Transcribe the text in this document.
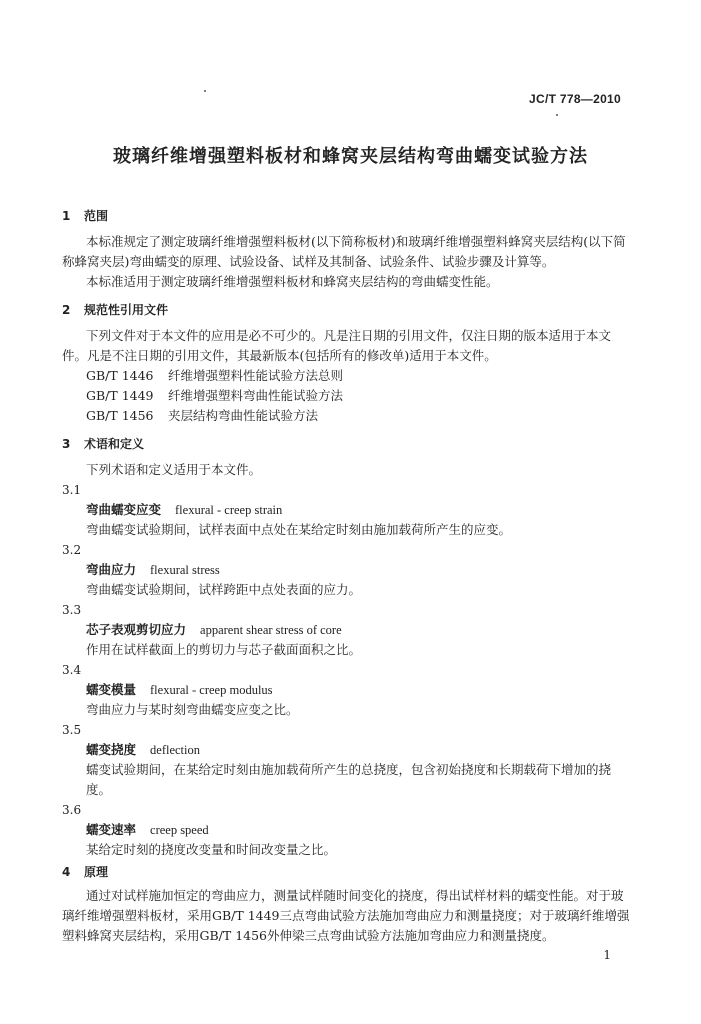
JC/T 778—2010
玻璃纤维增强塑料板材和蜂窝夹层结构弯曲蠕变试验方法
1 范围
本标准规定了测定玻璃纤维增强塑料板材(以下简称板材)和玻璃纤维增强塑料蜂窝夹层结构(以下简称蜂窝夹层)弯曲蠕变的原理、试验设备、试样及其制备、试验条件、试验步骤及计算等。
本标准适用于测定玻璃纤维增强塑料板材和蜂窝夹层结构的弯曲蠕变性能。
2 规范性引用文件
下列文件对于本文件的应用是必不可少的。凡是注日期的引用文件，仅注日期的版本适用于本文件。凡是不注日期的引用文件，其最新版本(包括所有的修改单)适用于本文件。
GB/T 1446 纤维增强塑料性能试验方法总则
GB/T 1449 纤维增强塑料弯曲性能试验方法
GB/T 1456 夹层结构弯曲性能试验方法
3 术语和定义
下列术语和定义适用于本文件。
3.1
弯曲蠕变应变 flexural - creep strain
弯曲蠕变试验期间，试样表面中点处在某给定时刻由施加载荷所产生的应变。
3.2
弯曲应力 flexural stress
弯曲蠕变试验期间，试样跨距中点处表面的应力。
3.3
芯子表观剪切应力 apparent shear stress of core
作用在试样截面上的剪切力与芯子截面面积之比。
3.4
蠕变模量 flexural - creep modulus
弯曲应力与某时刻弯曲蠕变应变之比。
3.5
蠕变挠度 deflection
蠕变试验期间，在某给定时刻由施加载荷所产生的总挠度，包含初始挠度和长期载荷下增加的挠度。
3.6
蠕变速率 creep speed
某给定时刻的挠度改变量和时间改变量之比。
4 原理
通过对试样施加恒定的弯曲应力，测量试样随时间变化的挠度，得出试样材料的蠕变性能。对于玻璃纤维增强塑料板材，采用GB/T 1449三点弯曲试验方法施加弯曲应力和测量挠度；对于玻璃纤维增强塑料蜂窝夹层结构，采用GB/T 1456外伸梁三点弯曲试验方法施加弯曲应力和测量挠度。
1
